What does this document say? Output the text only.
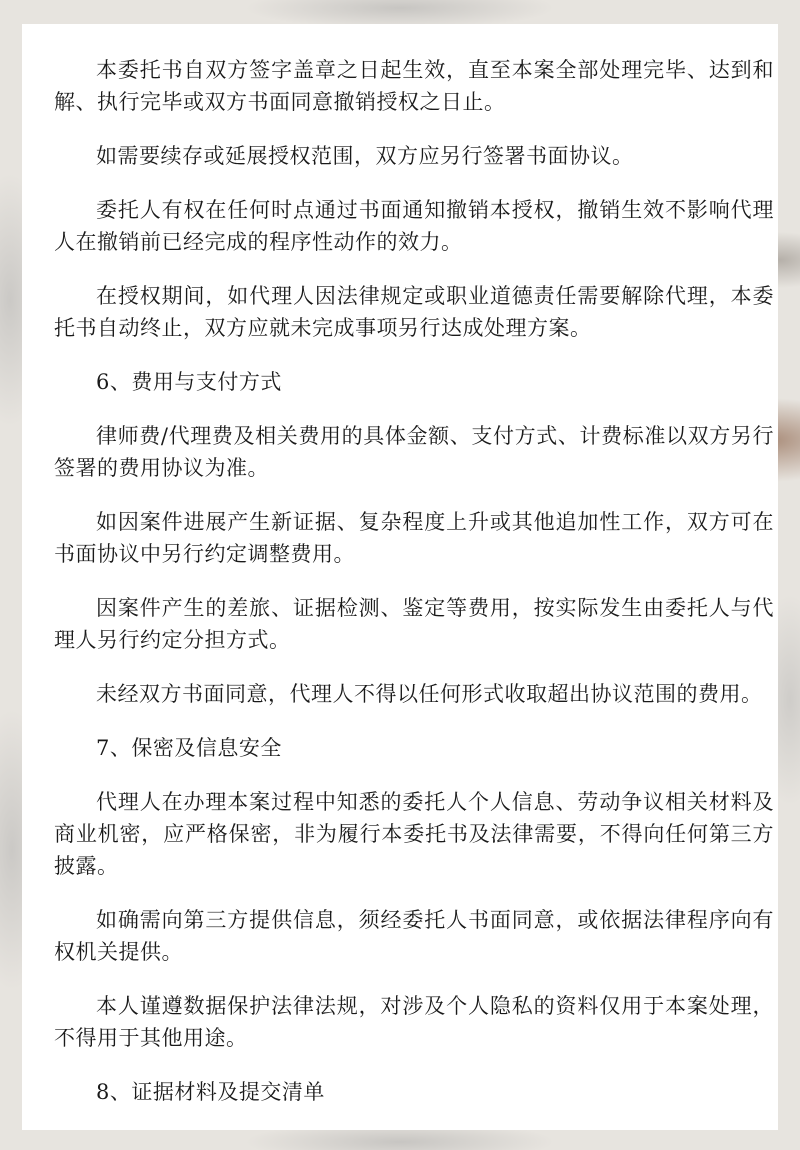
本委托书自双方签字盖章之日起生效，直至本案全部处理完毕、达到和解、执行完毕或双方书面同意撤销授权之日止。

如需要续存或延展授权范围，双方应另行签署书面协议。

委托人有权在任何时点通过书面通知撤销本授权，撤销生效不影响代理人在撤销前已经完成的程序性动作的效力。

在授权期间，如代理人因法律规定或职业道德责任需要解除代理，本委托书自动终止，双方应就未完成事项另行达成处理方案。

6、费用与支付方式

律师费/代理费及相关费用的具体金额、支付方式、计费标准以双方另行签署的费用协议为准。

如因案件进展产生新证据、复杂程度上升或其他追加性工作，双方可在书面协议中另行约定调整费用。

因案件产生的差旅、证据检测、鉴定等费用，按实际发生由委托人与代理人另行约定分担方式。

未经双方书面同意，代理人不得以任何形式收取超出协议范围的费用。

7、保密及信息安全

代理人在办理本案过程中知悉的委托人个人信息、劳动争议相关材料及商业机密，应严格保密，非为履行本委托书及法律需要，不得向任何第三方披露。

如确需向第三方提供信息，须经委托人书面同意，或依据法律程序向有权机关提供。

本人谨遵数据保护法律法规，对涉及个人隐私的资料仅用于本案处理，不得用于其他用途。

8、证据材料及提交清单
